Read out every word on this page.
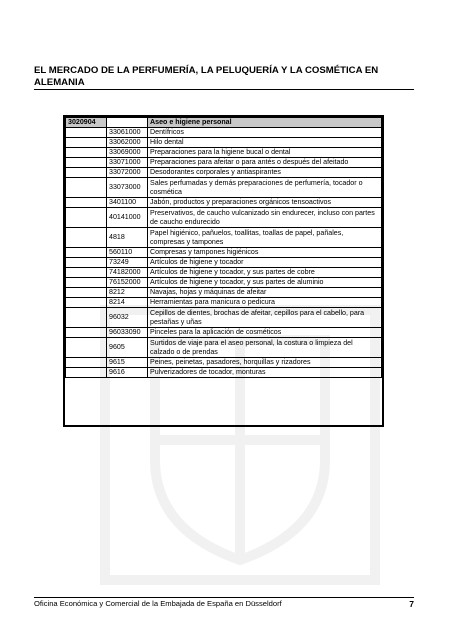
EL MERCADO DE LA PERFUMERÍA, LA PELUQUERÍA Y LA COSMÉTICA EN ALEMANIA
3020904		Aseo e higiene personal
	33061000	Dentífricos
	33062000	Hilo dental
	33069000	Preparaciones para la higiene bucal o dental
	33071000	Preparaciones para afeitar o para antés o después del afeitado
	33072000	Desodorantes corporales y antiaspirantes
	33073000	Sales perfumadas y demás preparaciones de perfumería, tocador o cosmética
	3401100	Jabón, productos y preparaciones orgánicos tensoactivos
	40141000	Preservativos, de caucho vulcanizado sin endurecer, incluso con partes de caucho endurecido
	4818	Papel higiénico, pañuelos, toallitas, toallas de papel, pañales, compresas y tampones
	560110	Compresas y tampones higiénicos
	73249	Artículos de higiene y tocador
	74182000	Artículos de higiene y tocador, y sus partes de cobre
	76152000	Artículos de higiene y tocador, y sus partes de aluminio
	8212	Navajas, hojas y máquinas de afeitar
	8214	Herramientas para manicura o pedicura
	96032	Cepillos de dientes, brochas de afeitar, cepillos para el cabello, para pestañas y uñas
	96033090	Pinceles para la aplicación de cosméticos
	9605	Surtidos de viaje para el aseo personal, la costura o limpieza del calzado o de prendas
	9615	Peines, peinetas, pasadores, horquillas y rizadores
	9616	Pulverizadores de tocador, monturas
Oficina Económica y Comercial de la Embajada de España en Düsseldorf	7
